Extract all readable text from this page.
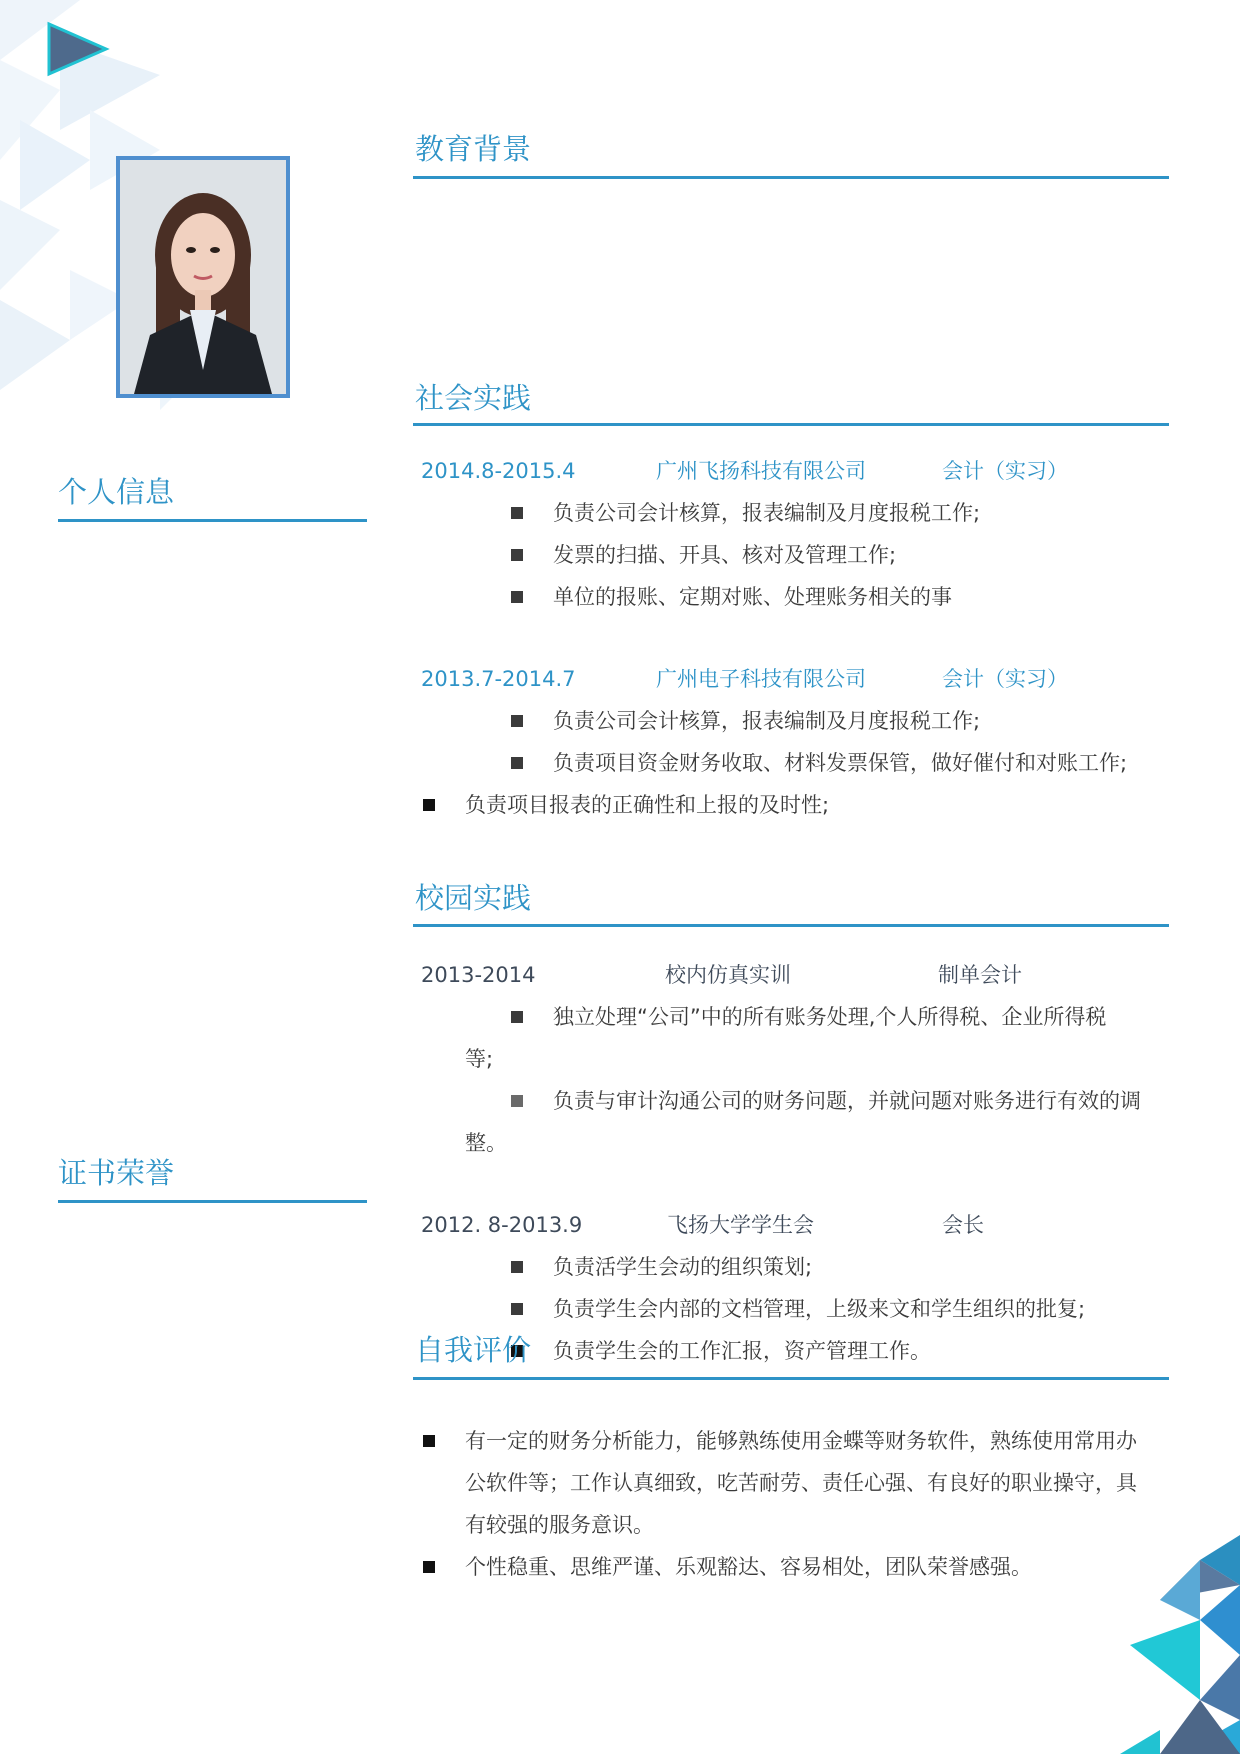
个人信息
证书荣誉
教育背景
社会实践
2014.8-2015.4	广州飞扬科技有限公司	会计（实习）
负责公司会计核算，报表编制及月度报税工作;
发票的扫描、开具、核对及管理工作;
单位的报账、定期对账、处理账务相关的事
2013.7-2014.7	广州电子科技有限公司	会计（实习）
负责公司会计核算，报表编制及月度报税工作;
负责项目资金财务收取、材料发票保管，做好催付和对账工作;
负责项目报表的正确性和上报的及时性;
校园实践
2013-2014	校内仿真实训	制单会计
独立处理“公司”中的所有账务处理,个人所得税、企业所得税
等;
负责与审计沟通公司的财务问题，并就问题对账务进行有效的调
整。
2012. 8-2013.9	飞扬大学学生会	会长
负责活学生会动的组织策划;
负责学生会内部的文档管理，上级来文和学生组织的批复;
负责学生会的工作汇报，资产管理工作。
自我评价
有一定的财务分析能力，能够熟练使用金蝶等财务软件，熟练使用常用办
公软件等；工作认真细致，吃苦耐劳、责任心强、有良好的职业操守，具
有较强的服务意识。
个性稳重、思维严谨、乐观豁达、容易相处，团队荣誉感强。
